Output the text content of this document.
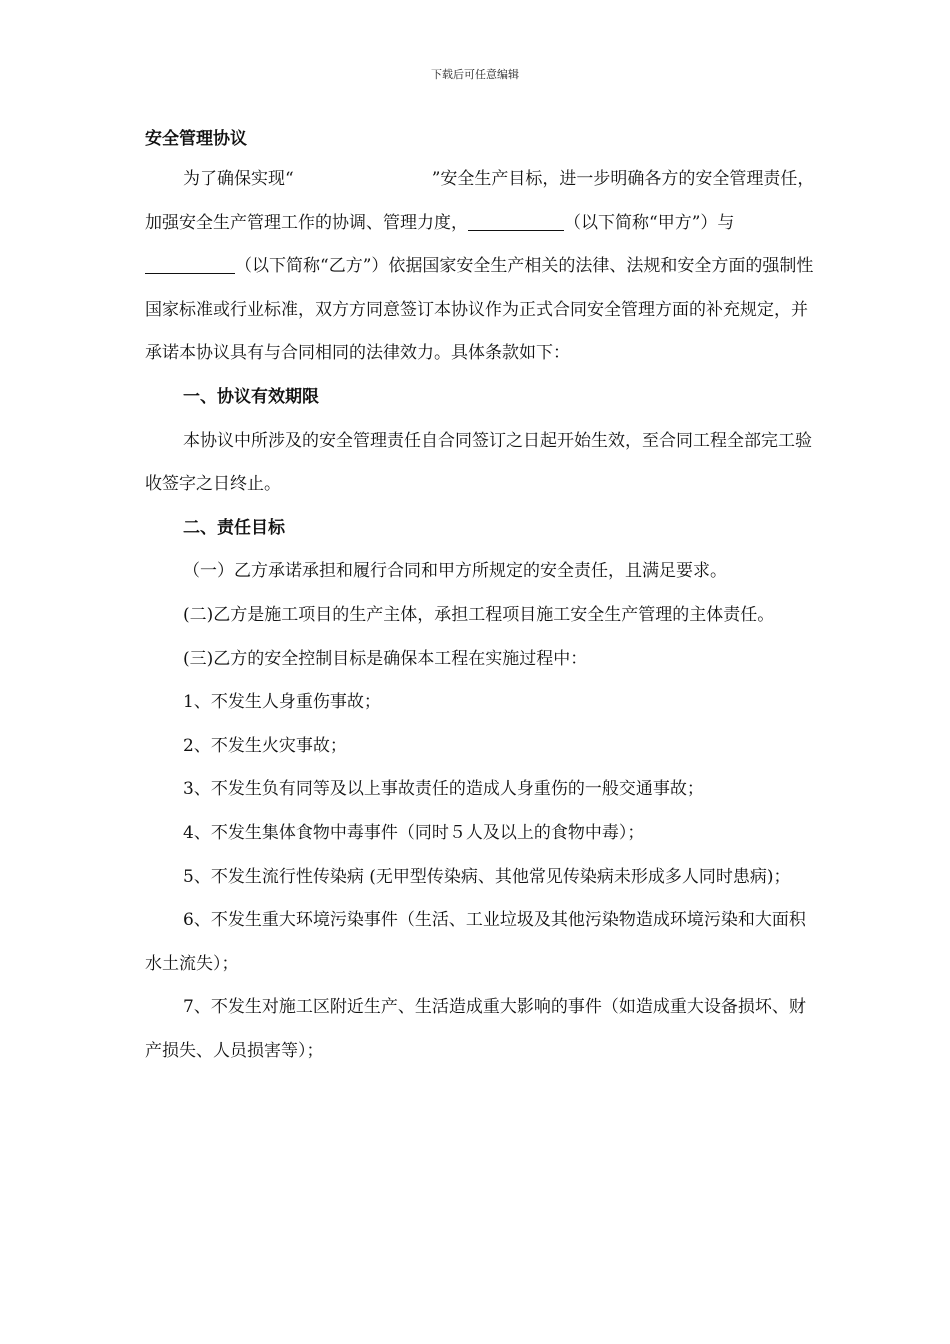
下载后可任意编辑

安全管理协议

为了确保实现“	”安全生产目标，进一步明确各方的安全管理责任，加强安全生产管理工作的协调、管理力度，	（以下简称“甲方”）与（以下简称“乙方”）依据国家安全生产相关的法律、法规和安全方面的强制性国家标准或行业标准，双方方同意签订本协议作为正式合同安全管理方面的补充规定，并承诺本协议具有与合同相同的法律效力。具体条款如下：

一、协议有效期限

本协议中所涉及的安全管理责任自合同签订之日起开始生效，至合同工程全部完工验收签字之日终止。

二、责任目标

（一）乙方承诺承担和履行合同和甲方所规定的安全责任，且满足要求。

(二)乙方是施工项目的生产主体，承担工程项目施工安全生产管理的主体责任。

(三)乙方的安全控制目标是确保本工程在实施过程中：

1、不发生人身重伤事故；

2、不发生火灾事故；

3、不发生负有同等及以上事故责任的造成人身重伤的一般交通事故；

4、不发生集体食物中毒事件（同时５人及以上的食物中毒）；

5、不发生流行性传染病 (无甲型传染病、其他常见传染病未形成多人同时患病)；

6、不发生重大环境污染事件（生活、工业垃圾及其他污染物造成环境污染和大面积水土流失）；

7、不发生对施工区附近生产、生活造成重大影响的事件（如造成重大设备损坏、财产损失、人员损害等）；
